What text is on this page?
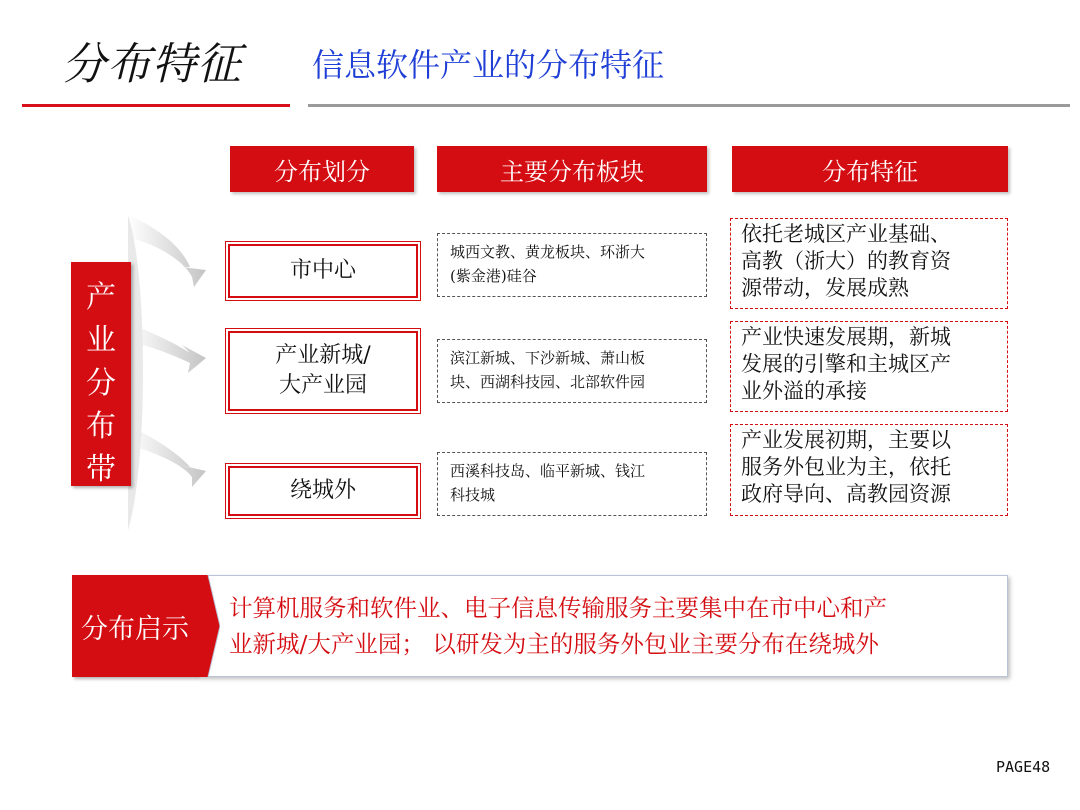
分布特征 信息软件产业的分布特征
分布划分	主要分布板块	分布特征
产
业
分
布
带
市中心
城西文教、黄龙板块、环浙大
(紫金港)硅谷
依托老城区产业基础、
高教（浙大）的教育资
源带动，发展成熟
产业新城/
大产业园
滨江新城、下沙新城、萧山板
块、西湖科技园、北部软件园
产业快速发展期，新城
发展的引擎和主城区产
业外溢的承接
绕城外
西溪科技岛、临平新城、钱江
科技城
产业发展初期，主要以
服务外包业为主，依托
政府导向、高教园资源
分布启示
计算机服务和软件业、电子信息传输服务主要集中在市中心和产
业新城/大产业园； 以研发为主的服务外包业主要分布在绕城外
PAGE48
